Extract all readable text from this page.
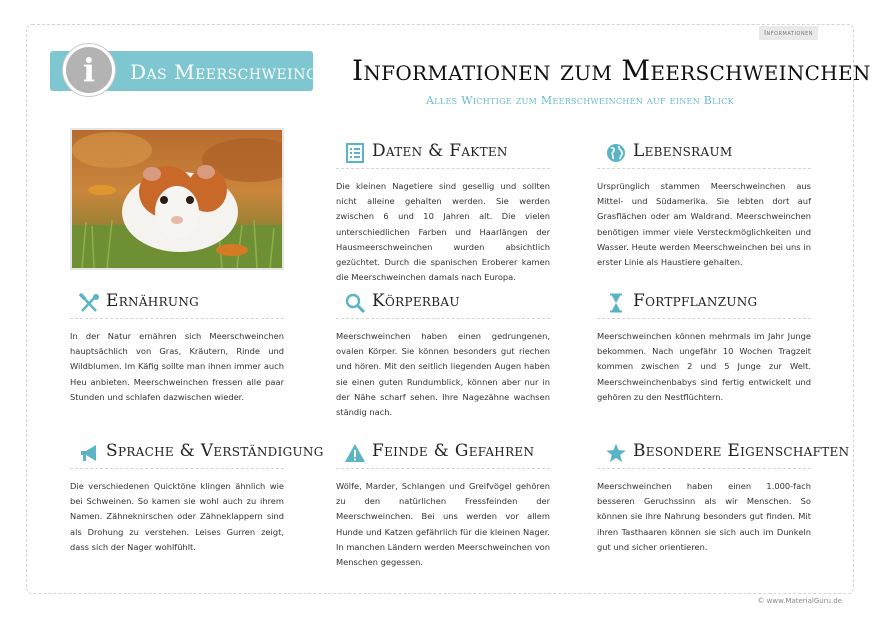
Informationen
Das Meerschweinchen
i	Informationen zum Meerschweinchen
Alles Wichtige zum Meerschweinchen auf einen Blick
Daten & Fakten
Die kleinen Nagetiere sind gesellig und sollten nicht alleine gehalten werden. Sie werden zwischen 6 und 10 Jahren alt. Die vielen unterschiedlichen Farben und Haarlängen der Hausmeerschweinchen wurden absichtlich gezüchtet. Durch die spanischen Eroberer kamen die Meerschweinchen damals nach Europa.
Lebensraum
Ursprünglich stammen Meerschweinchen aus Mittel- und Südamerika. Sie lebten dort auf Grasflächen oder am Waldrand. Meerschweinchen benötigen immer viele Versteckmöglichkeiten und Wasser. Heute werden Meerschweinchen bei uns in erster Linie als Haustiere gehalten.
Ernährung
In der Natur ernähren sich Meerschweinchen hauptsächlich von Gras, Kräutern, Rinde und Wildblumen. Im Käfig sollte man ihnen immer auch Heu anbieten. Meerschweinchen fressen alle paar Stunden und schlafen dazwischen wieder.
Körperbau
Meerschweinchen haben einen gedrungenen, ovalen Körper. Sie können besonders gut riechen und hören. Mit den seitlich liegenden Augen haben sie einen guten Rundumblick, können aber nur in der Nähe scharf sehen. Ihre Nagezähne wachsen ständig nach.
Fortpflanzung
Meerschweinchen können mehrmals im Jahr Junge bekommen. Nach ungefähr 10 Wochen Tragzeit kommen zwischen 2 und 5 Junge zur Welt. Meerschweinchenbabys sind fertig entwickelt und gehören zu den Nestflüchtern.
Sprache & Verständigung
Die verschiedenen Quicktöne klingen ähnlich wie bei Schweinen. So kamen sie wohl auch zu ihrem Namen. Zähneknirschen oder Zähneklappern sind als Drohung zu verstehen. Leises Gurren zeigt, dass sich der Nager wohlfühlt.
Feinde & Gefahren
Wölfe, Marder, Schlangen und Greifvögel gehören zu den natürlichen Fressfeinden der Meerschweinchen. Bei uns werden vor allem Hunde und Katzen gefährlich für die kleinen Nager. In manchen Ländern werden Meerschweinchen von Menschen gegessen.
Besondere Eigenschaften
Meerschweinchen haben einen 1.000-fach besseren Geruchssinn als wir Menschen. So können sie ihre Nahrung besonders gut finden. Mit ihren Tasthaaren können sie sich auch im Dunkeln gut und sicher orientieren.
© www.MaterialGuru.de
